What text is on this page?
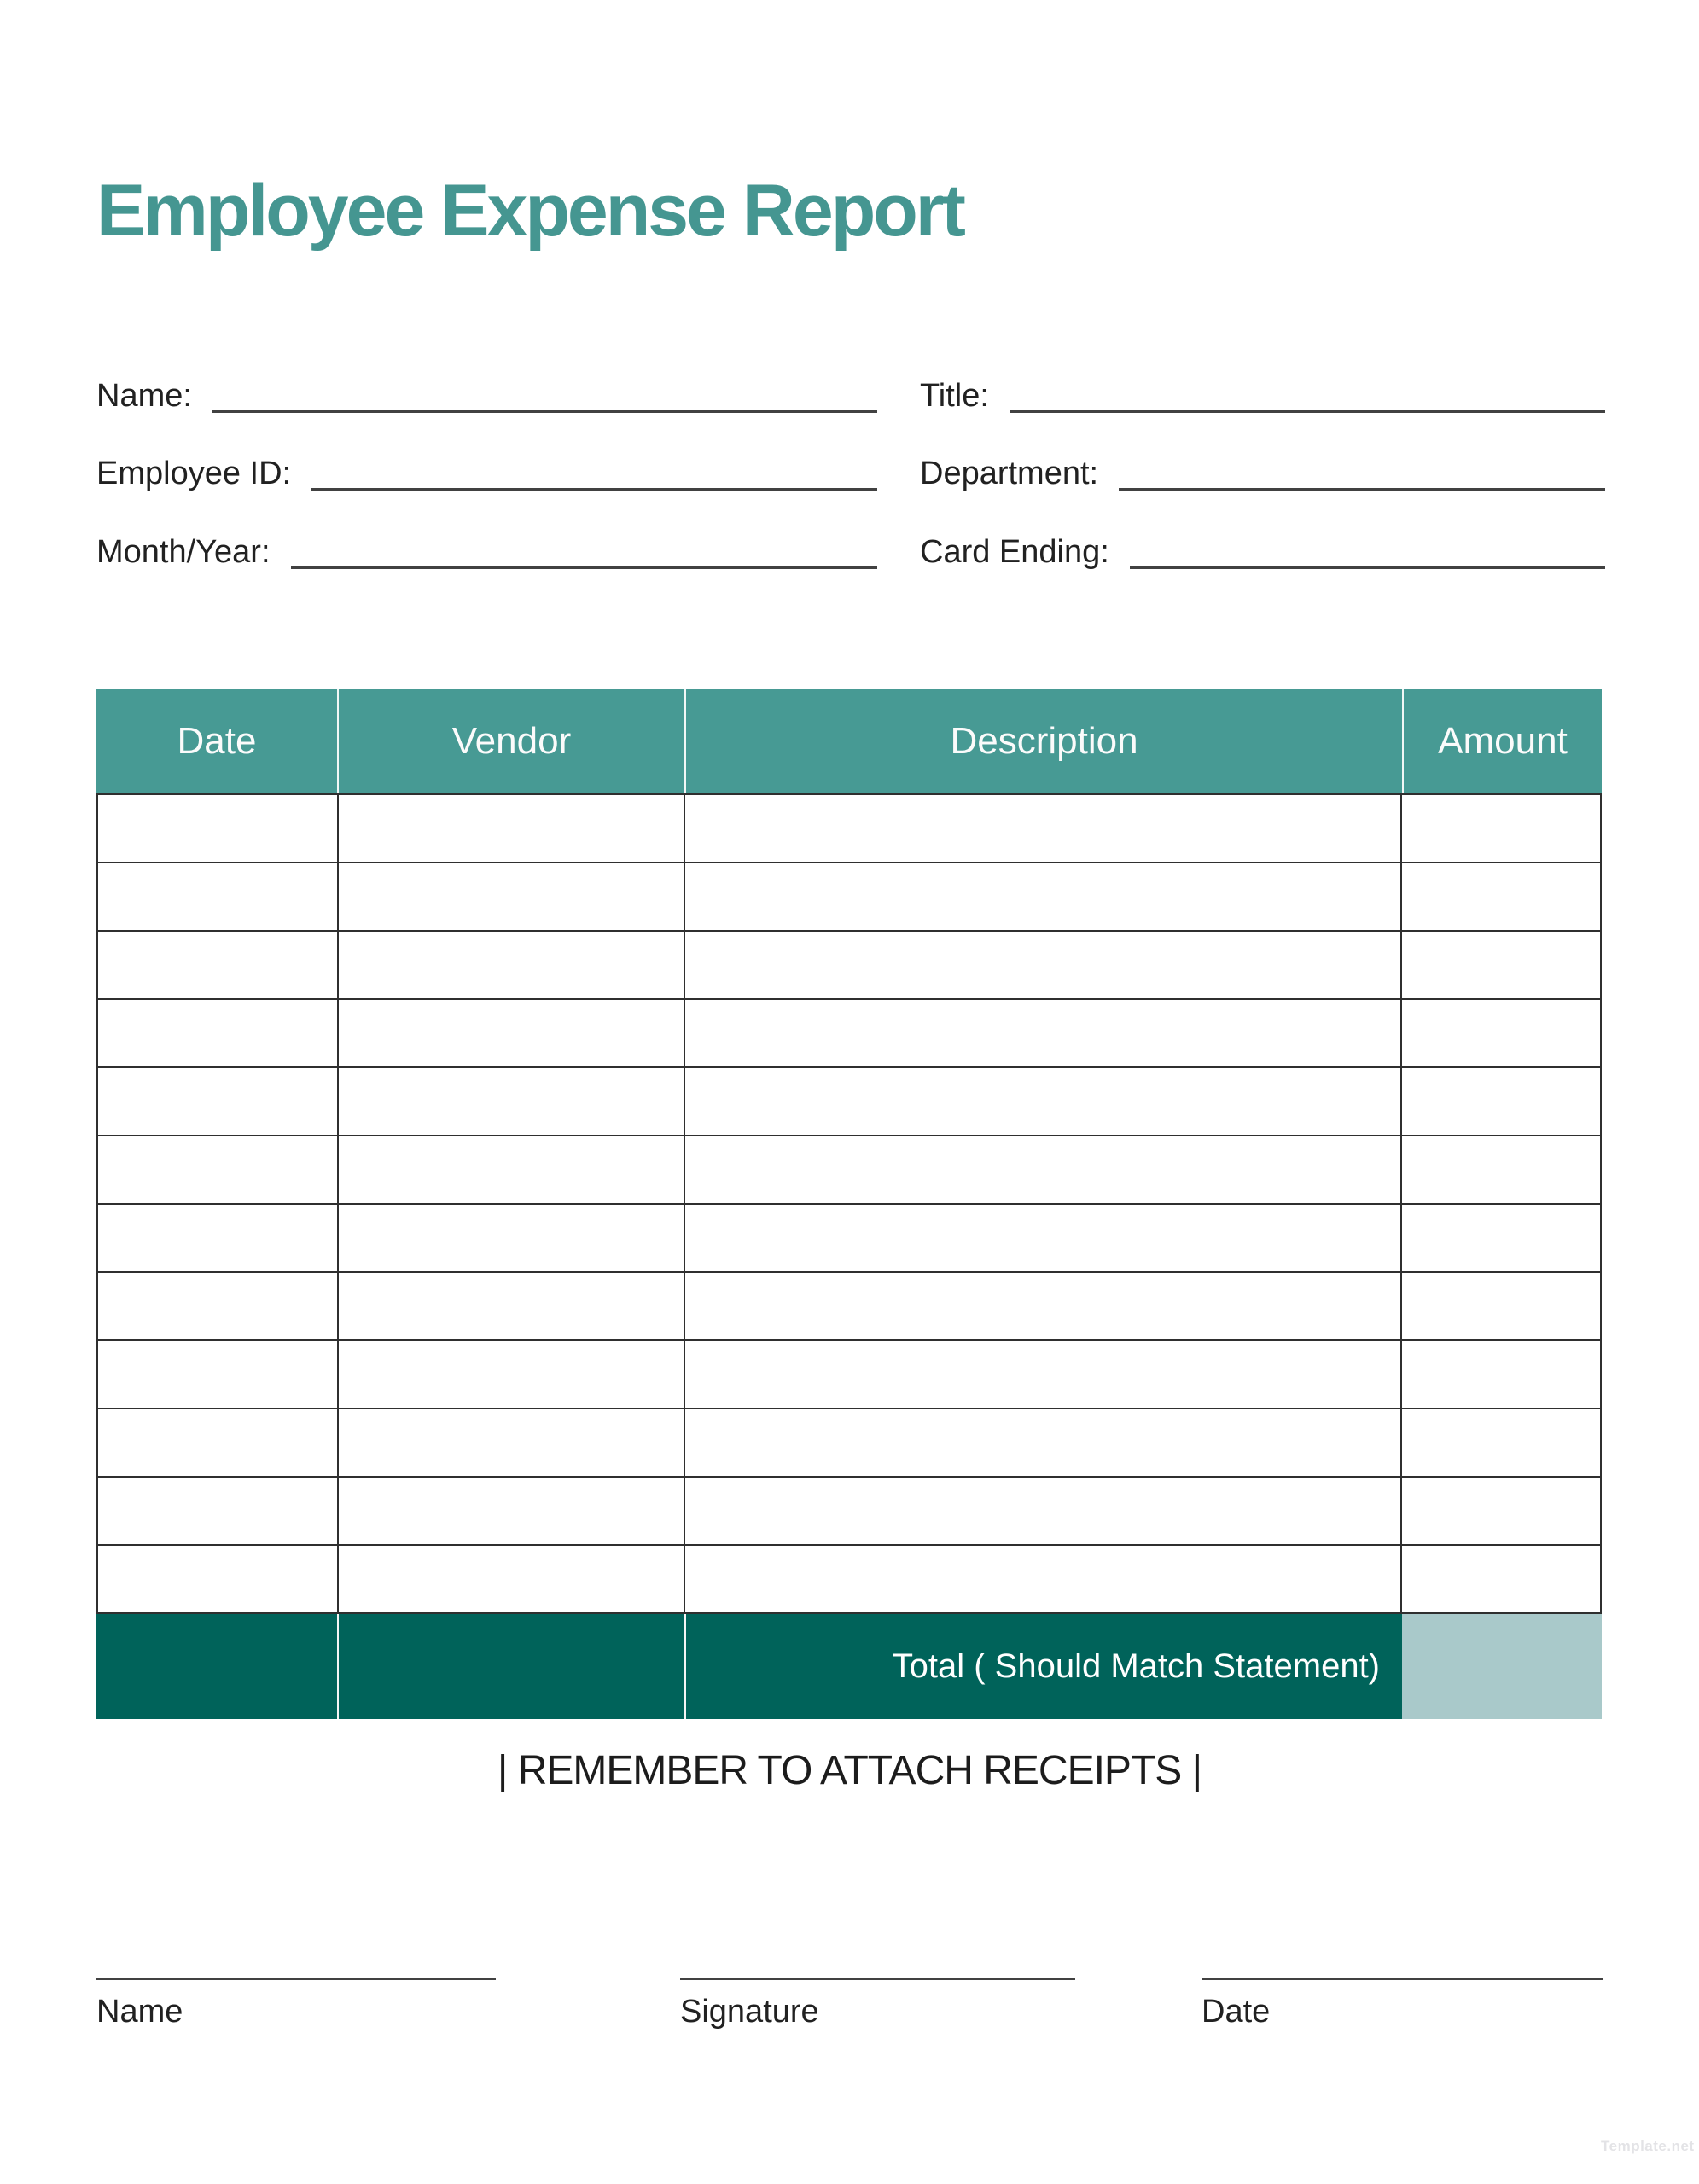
Employee Expense Report
Name:	Title:
Employee ID:	Department:
Month/Year:	Card Ending:
Date	Vendor	Description	Amount
Total ( Should Match Statement)
| REMEMBER TO ATTACH RECEIPTS |
Name	Signature	Date
Template.net
